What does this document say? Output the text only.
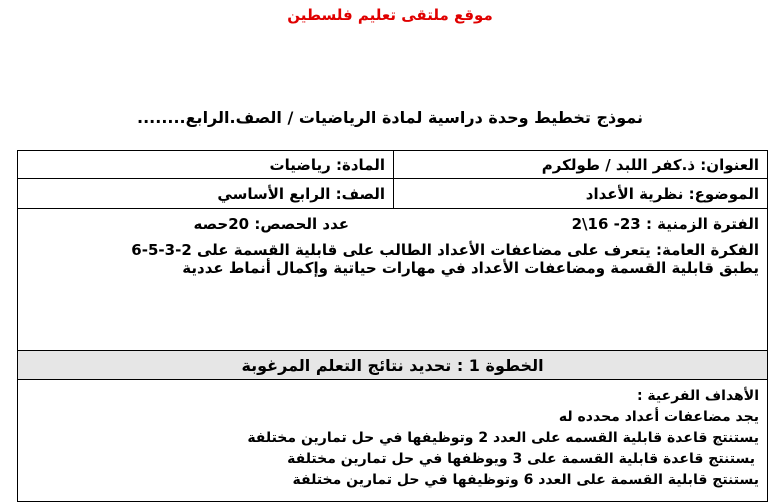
موقع ملتقى تعليم فلسطين
نموذج تخطيط وحدة دراسية لمادة الرياضيات / الصف.الرابع........
العنوان: ذ.كفر اللبد / طولكرم
المادة: رياضيات
الموضوع: نظرية الأعداد
الصف: الرابع الأساسي
الفترة الزمنية : 23- 16\2
عدد الحصص: 20حصه
الفكرة العامة: يتعرف على مضاعفات الأعداد الطالب على قابلية القسمة على 2-3-5-6
يطبق قابلية القسمة ومضاعفات الأعداد في مهارات حياتية وإكمال أنماط عددية
الخطوة 1 : تحديد نتائج التعلم المرغوبة
الأهداف الفرعية :
يجد مضاعفات أعداد محدده له
يستنتج قاعدة قابلية القسمه على العدد 2 وتوظيفها في حل تمارين مختلفة
يستنتج قاعدة قابلية القسمة على 3 ويوظفها في حل تمارين مختلفة
يستنتج قابلية القسمة على العدد 6 وتوظيفها في حل تمارين مختلفة
